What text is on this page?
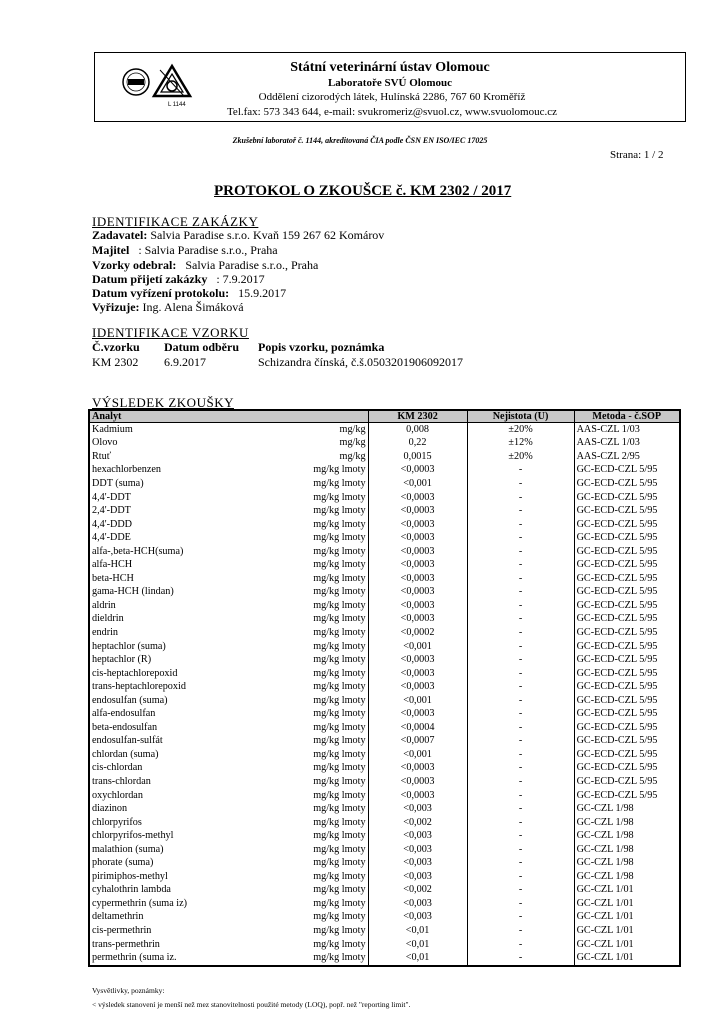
L 1144
Státní veterinární ústav Olomouc
Laboratoře SVÚ Olomouc
Oddělení cizorodých látek, Hulínská 2286, 767 60 Kroměříž
Tel.fax: 573 343 644, e-mail: svukromeriz@svuol.cz, www.svuolomouc.cz
Zkušební laboratoř č. 1144, akreditovaná ČIA podle ČSN EN ISO/IEC 17025
Strana: 1 / 2
PROTOKOL O ZKOUŠCE č. KM 2302 / 2017
IDENTIFIKACE ZAKÁZKY
Zadavatel: Salvia Paradise s.r.o. Kvaň 159 267 62 Komárov
Majitel : Salvia Paradise s.r.o., Praha
Vzorky odebral: Salvia Paradise s.r.o., Praha
Datum přijetí zakázky : 7.9.2017
Datum vyřízení protokolu: 15.9.2017
Vyřizuje: Ing. Alena Šimáková
IDENTIFIKACE VZORKU
Č.vzorku Datum odběru Popis vzorku, poznámka
KM 2302 6.9.2017	Schizandra čínská, č.š.0503201906092017
VÝSLEDEK ZKOUŠKY
Analyt		KM 2302	Nejistota (U)	Metoda - č.SOP
Kadmium	mg/kg	0,008	±20%	AAS-CZL 1/03
Olovo	mg/kg	0,22	±12%	AAS-CZL 1/03
Rtuť	mg/kg	0,0015	±20%	AAS-CZL 2/95
hexachlorbenzen	mg/kg lmoty	<0,0003	-	GC-ECD-CZL 5/95
DDT (suma)	mg/kg lmoty	<0,001	-	GC-ECD-CZL 5/95
4,4'-DDT	mg/kg lmoty	<0,0003	-	GC-ECD-CZL 5/95
2,4'-DDT	mg/kg lmoty	<0,0003	-	GC-ECD-CZL 5/95
4,4'-DDD	mg/kg lmoty	<0,0003	-	GC-ECD-CZL 5/95
4,4'-DDE	mg/kg lmoty	<0,0003	-	GC-ECD-CZL 5/95
alfa-,beta-HCH(suma)	mg/kg lmoty	<0,0003	-	GC-ECD-CZL 5/95
alfa-HCH	mg/kg lmoty	<0,0003	-	GC-ECD-CZL 5/95
beta-HCH	mg/kg lmoty	<0,0003	-	GC-ECD-CZL 5/95
gama-HCH (lindan)	mg/kg lmoty	<0,0003	-	GC-ECD-CZL 5/95
aldrin	mg/kg lmoty	<0,0003	-	GC-ECD-CZL 5/95
dieldrin	mg/kg lmoty	<0,0003	-	GC-ECD-CZL 5/95
endrin	mg/kg lmoty	<0,0002	-	GC-ECD-CZL 5/95
heptachlor (suma)	mg/kg lmoty	<0,001	-	GC-ECD-CZL 5/95
heptachlor (R)	mg/kg lmoty	<0,0003	-	GC-ECD-CZL 5/95
cis-heptachlorepoxid	mg/kg lmoty	<0,0003	-	GC-ECD-CZL 5/95
trans-heptachlorepoxid	mg/kg lmoty	<0,0003	-	GC-ECD-CZL 5/95
endosulfan (suma)	mg/kg lmoty	<0,001	-	GC-ECD-CZL 5/95
alfa-endosulfan	mg/kg lmoty	<0,0003	-	GC-ECD-CZL 5/95
beta-endosulfan	mg/kg lmoty	<0,0004	-	GC-ECD-CZL 5/95
endosulfan-sulfát	mg/kg lmoty	<0,0007	-	GC-ECD-CZL 5/95
chlordan (suma)	mg/kg lmoty	<0,001	-	GC-ECD-CZL 5/95
cis-chlordan	mg/kg lmoty	<0,0003	-	GC-ECD-CZL 5/95
trans-chlordan	mg/kg lmoty	<0,0003	-	GC-ECD-CZL 5/95
oxychlordan	mg/kg lmoty	<0,0003	-	GC-ECD-CZL 5/95
diazinon	mg/kg lmoty	<0,003	-	GC-CZL 1/98
chlorpyrifos	mg/kg lmoty	<0,002	-	GC-CZL 1/98
chlorpyrifos-methyl	mg/kg lmoty	<0,003	-	GC-CZL 1/98
malathion (suma)	mg/kg lmoty	<0,003	-	GC-CZL 1/98
phorate (suma)	mg/kg lmoty	<0,003	-	GC-CZL 1/98
pirimiphos-methyl	mg/kg lmoty	<0,003	-	GC-CZL 1/98
cyhalothrin lambda	mg/kg lmoty	<0,002	-	GC-CZL 1/01
cypermethrin (suma iz)	mg/kg lmoty	<0,003	-	GC-CZL 1/01
deltamethrin	mg/kg lmoty	<0,003	-	GC-CZL 1/01
cis-permethrin	mg/kg lmoty	<0,01	-	GC-CZL 1/01
trans-permethrin	mg/kg lmoty	<0,01	-	GC-CZL 1/01
permethrin (suma iz.	mg/kg lmoty	<0,01	-	GC-CZL 1/01
Vysvětlivky, poznámky:
< výsledek stanovení je menší než mez stanovitelnosti použité metody (LOQ), popř. než "reporting limit".
